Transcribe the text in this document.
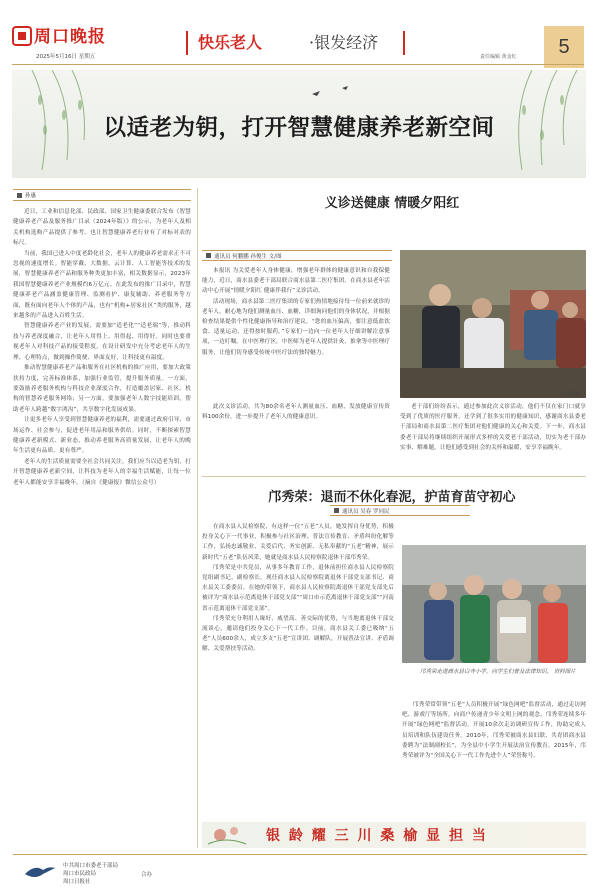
周口晚报
2025年5月16日 星期五
快乐老人	·银发经济
责任编辑 黄金红	5
以适老为钥，打开智慧健康养老新空间
孙惠

近日，工业和信息化部、民政部、国家卫生健康委联合发布《智慧健康养老产品及服务推广目录（2024年版）》的公示，为老年人及相关机构选购产品提供了参考。也让智慧健康养老行业有了对标对表的标尺。

当前，我国已进入中度老龄化社会，老年人的健康养老需求正不可忽视的速度增长。智能穿戴、大数据、云计算、人工智能等技术的发展，智慧健康养老产品和服务种类更加丰富，相关数据显示，2023年我国智慧健康养老产业规模约6万亿元。在此发布的推广目录中，智慧健康养老产品涵盖健康管理、监测看护、康复辅助、养老服务等方面，既有面向老年人个体的产品，也有“机构+居家社区”类的服务，越来越多的产品进入百姓生活。

智慧健康养老产业的发展，需要加“适老化”“适老端”等，推动科技与养老深度融合，让老年人用得上、用得起、用得好。同时也要重视老年人对科技产品的接受程度，在设计研发中充分考虑老年人的生理、心理特点，做到操作简便、界面友好，让科技更有温度。

推动智慧健康养老产品和服务在社区机构的推广应用，要加大政策扶持力度，完善标准体系，加强行业监管，提升服务质量。一方面，要鼓励养老服务机构与科技企业深度合作，打造覆盖居家、社区、机构的智慧养老服务网络；另一方面，要加强老年人数字技能培训，帮助老年人跨越“数字鸿沟”，共享数字化发展成果。

让更多老年人享受到智慧健康养老的福利，需要通过政府引导、市场运作、社会参与，促进老年用品和服务供给。同时，不断探索智慧健康养老新模式、新业态，推动养老服务高质量发展，让老年人的晚年生活更有品质、更有尊严。

老年人的生活质量需要全社会共同关注。我们应当以适老为钥，打开智慧健康养老新空间，让科技为老年人的幸福生活赋能，让每一位老年人都能安享幸福晚年。（摘自《健康报》微信公众号）

义诊送健康 情暖夕阳红
通讯员 何鹏鹏 孙俊生 文/图

本报讯 为关爱老年人身体健康，增强老年群体的健康意识和自我保健能力，近日，商水县委老干部局联合商水县第二医疗集团，在商水县老年活动中心开展“情暖夕阳红 健康伴我行”义诊活动。

活动现场，商水县第二医疗集团的专家们热情地接待每一位前来就诊的老年人，耐心地为他们测量血压、血糖，详细询问他们的身体状况，并根据检查结果提供个性化健康指导和治疗建议。“您的血压偏高，要注意低盐饮食、适量运动，还得按时服药。”专家们一边向一位老年人仔细讲解注意事项，一边叮嘱。在中医理疗区，中医师为老年人提供针灸、推拿等中医理疗服务，让他们切身感受传统中医疗法的独特魅力。

义诊现场。

此次义诊活动，共为80余名老年人测量血压、血糖，发放健康宣传资料100余份，进一步提升了老年人的健康意识。

老干部们纷纷表示，通过参加此次义诊活动，他们不仅在家门口就享受到了优质的医疗服务，还学到了很多实用的健康知识，感谢商水县委老干部局和商水县第二医疗集团对他们健康的关心和关爱。下一步，商水县委老干部局将继续组织开展形式多样的关爱老干部活动，切实为老干部办实事、解难题，让他们感受到社会的关怀和温暖，安享幸福晚年。

邝秀荣：退而不休化春泥，护苗育苗守初心
通讯员 吴春 罗同民

在商水县人民检察院，有这样一位“五老”人员，她发挥自身优势，积极投身关心下一代事业，积极参与社区治理、普法宣传教育、矛盾纠纷化解等工作，弘扬忠诚敬业、关爱后代、务实创新、无私奉献的“五老”精神，展示新时代“五老”队伍风采，她就是商水县人民检察院退休干部邝秀荣。

邝秀荣是中共党员，从事多年教育工作，退休前担任商水县人民检察院党组副书记、副检察长。现任商水县人民检察院离退休干部党支部书记、商水县关工委委员。在她的带领下，商水县人民检察院离退休干部党支部先后被评为“商水县示范离退休干部党支部”“周口市示范离退休干部党支部”“河南省示范离退休干部党支部”。

邝秀荣充分利用人缘好、威望高、善交际的优势，与当地离退休干部交流谈心，邀请他们投身关心下一代工作。目前，商水县关工委已吸纳“五老”人员600余人，成立多支“五老”宣讲团、调解队，开展普法宣讲、矛盾调解、关爱帮扶等活动。

邝秀荣走进商水县白寺小学，向学生们普及法律知识。 资料图片

邝秀荣常带领“五老”人员积极开展“绿色网吧”监督活动，通过走访网吧、游戏厅等场所，向商户传递青少年文明上网的观念。邝秀荣连续多年开展“绿色网吧”监督活动，开展10余次走访调研宣传工作，协助完成人员培训和队伍建设任务。2010年，邝秀荣被商水县妇联、共青团商水县委聘为“法制副校长”，为全县中小学生开展法治宣传教育。2015年，邝秀荣被评为“全国关心下一代工作先进个人”荣誉称号。

银 龄 耀 三 川 桑 榆 显 担 当
中共周口市委老干部局
周口市民政局
周口日报社
合办
